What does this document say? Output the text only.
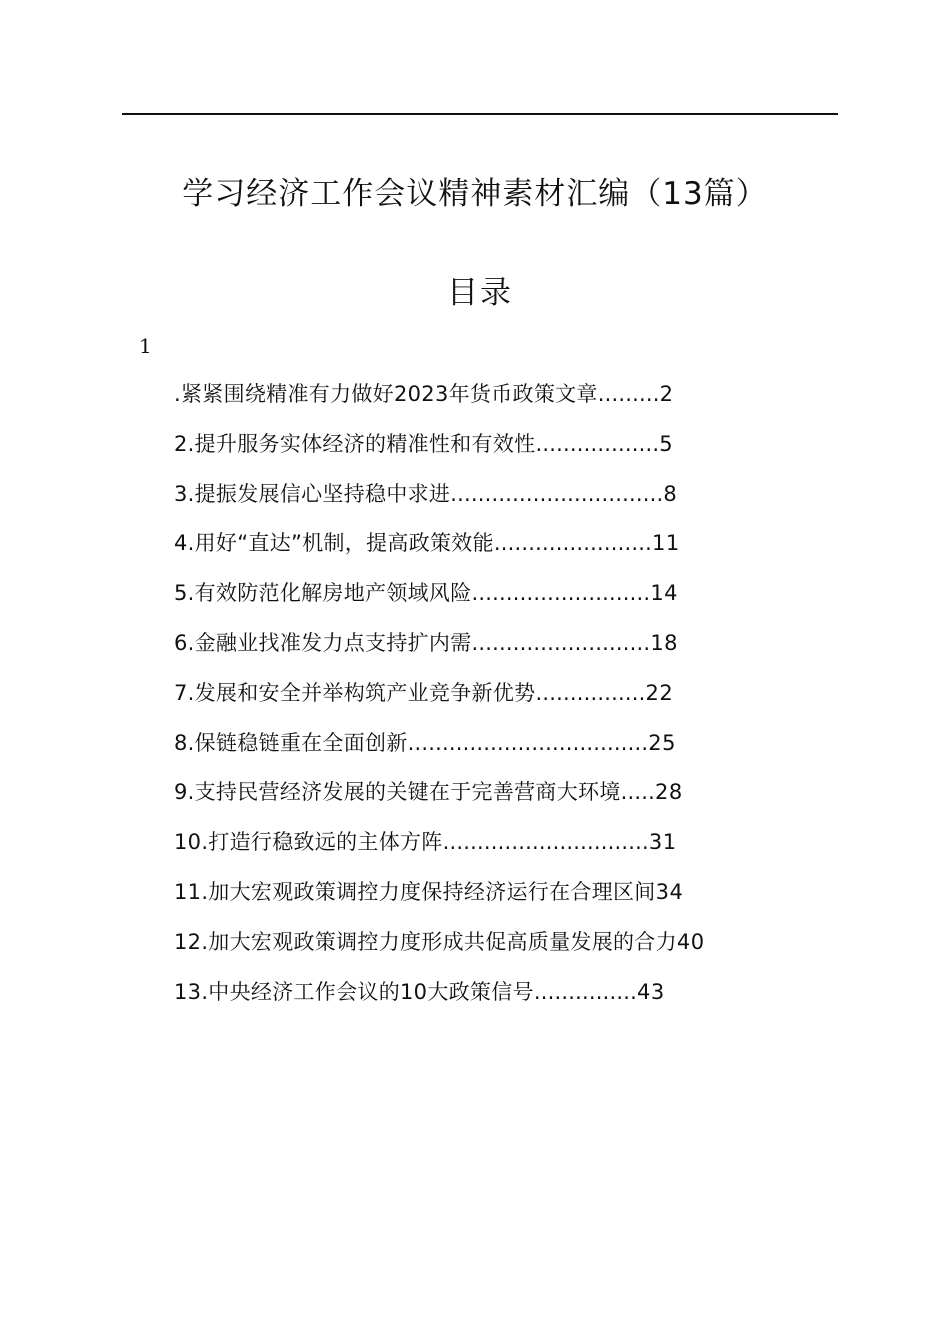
学习经济工作会议精神素材汇编（13篇）
目录
1
.紧紧围绕精准有力做好2023年货币政策文章 ......... 2
2.提升服务实体经济的精准性和有效性 .................. 5
3.提振发展信心坚持稳中求进 ............................... 8
4.用好“直达”机制，提高政策效能 ....................... 11
5.有效防范化解房地产领域风险 .......................... 14
6.金融业找准发力点支持扩内需 .......................... 18
7.发展和安全并举构筑产业竞争新优势 ................ 22
8.保链稳链重在全面创新 ................................... 25
9.支持民营经济发展的关键在于完善营商大环境 ..... 28
10.打造行稳致远的主体方阵 .............................. 31
11.加大宏观政策调控力度保持经济运行在合理区间 34
12.加大宏观政策调控力度形成共促高质量发展的合力 40
13.中央经济工作会议的10大政策信号 ............... 43
